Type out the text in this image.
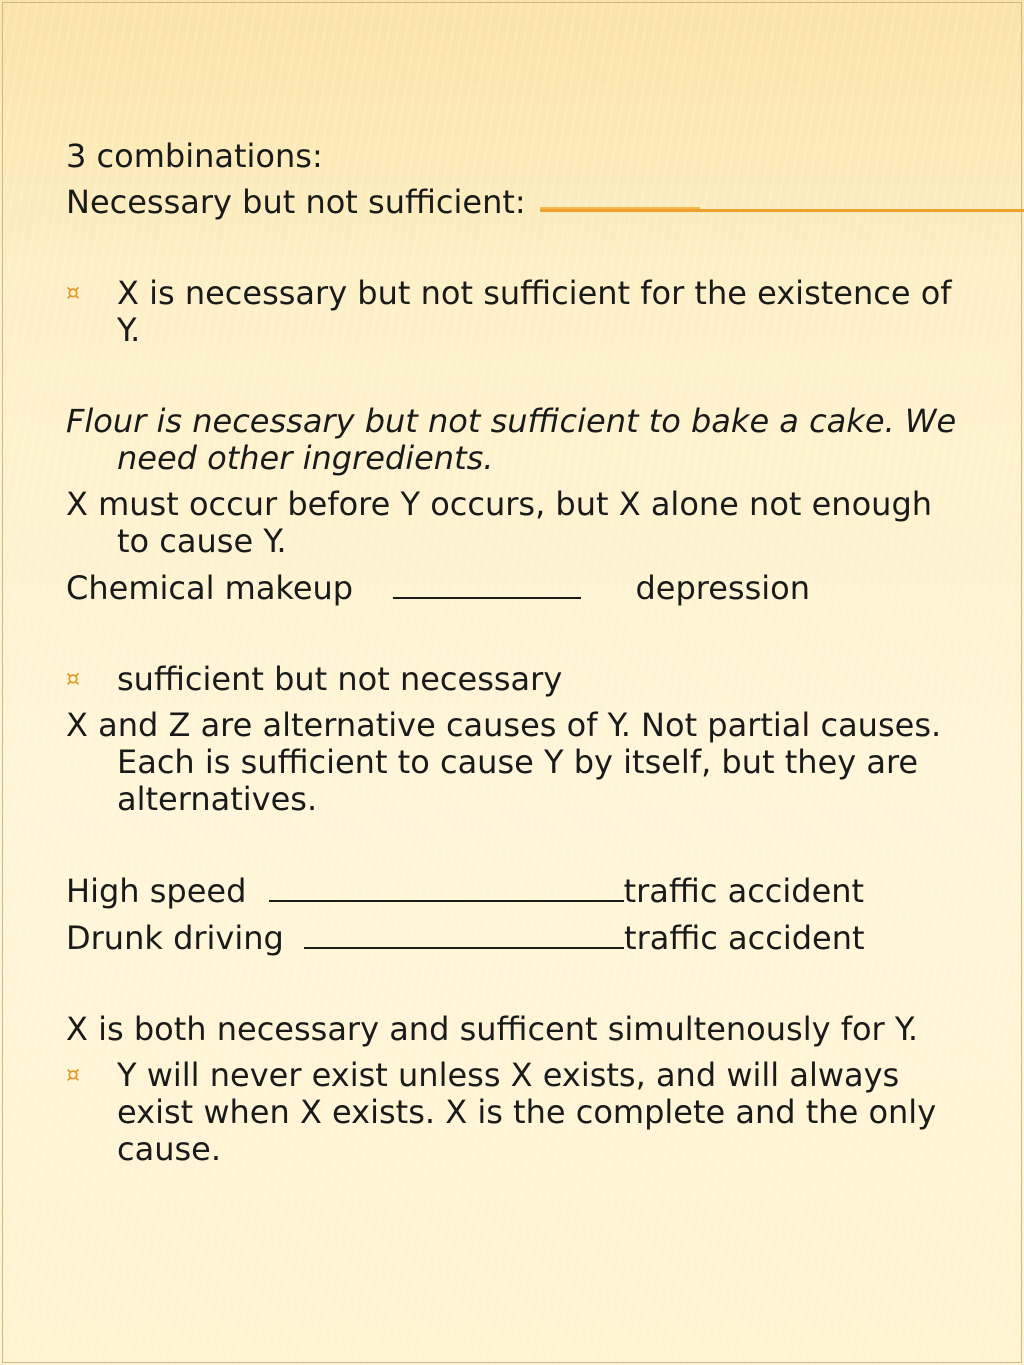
3 combinations:

Necessary but not sufficient:

¤	X is necessary but not sufficient for the existence of Y.

Flour is necessary but not sufficient to bake a cake. We need other ingredients.

X must occur before Y occurs, but X alone not enough to cause Y.

Chemical makeup	depression

¤	sufficient but not necessary

X and Z are alternative causes of Y. Not partial causes. Each is sufficient to cause Y by itself, but they are alternatives.

High speed	traffic accident

Drunk driving	traffic accident

X is both necessary and sufficent simultenously for Y.

¤	Y will never exist unless X exists, and will always exist when X exists. X is the complete and the only cause.
